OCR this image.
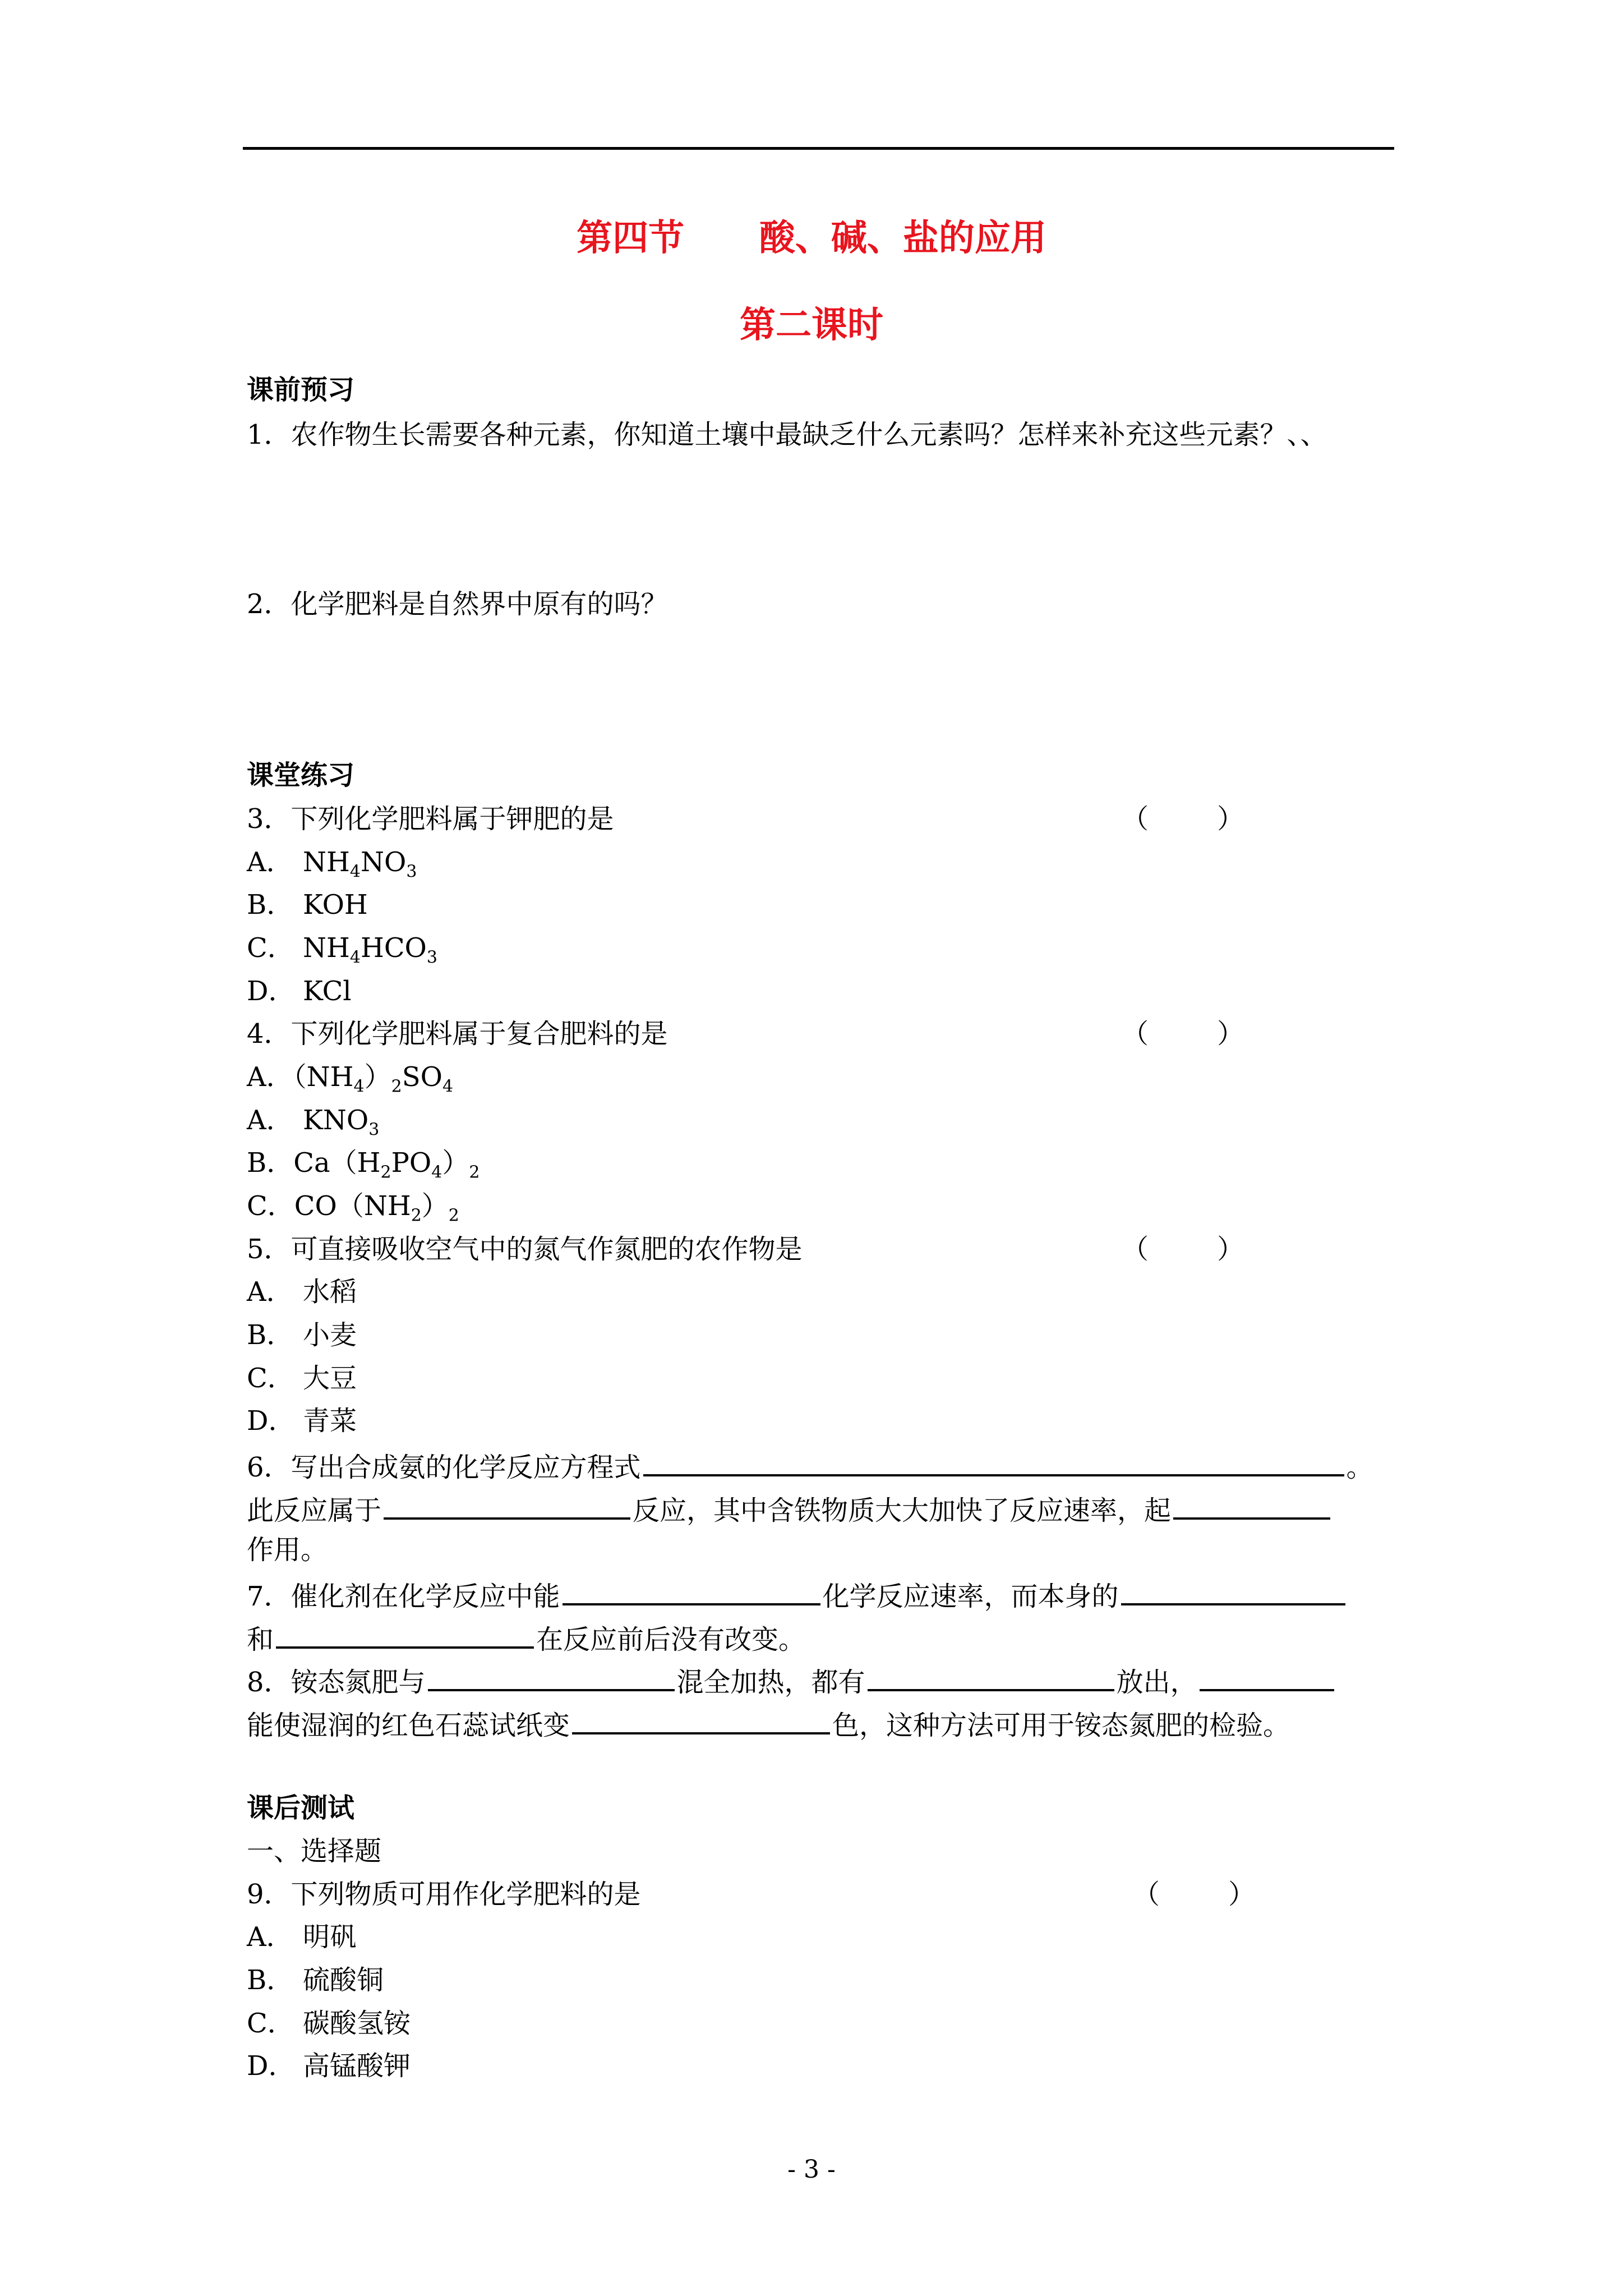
第四节      酸、碱、盐的应用
第二课时
课前预习
1．农作物生长需要各种元素，你知道土壤中最缺乏什么元素吗？怎样来补充这些元素？、、
2．化学肥料是自然界中原有的吗？
课堂练习
3．下列化学肥料属于钾肥的是	（        ）
A． $NH_4NO_3$
B． KOH
C． $NH_4HCO_3$
D． KCl
4．下列化学肥料属于复合肥料的是	（        ）
A．$(NH_4)_2SO_4$
A． $KNO_3$
B．$Ca(H_2PO_4)_2$
C．$CO(NH_2)_2$
5．可直接吸收空气中的氮气作氮肥的农作物是	（        ）
A． 水稻
B． 小麦
C． 大豆
D． 青菜
6．写出合成氨的化学反应方程式	。
此反应属于	反应，其中含铁物质大大加快了反应速率，起
作用。
7．催化剂在化学反应中能	化学反应速率，而本身的
和	在反应前后没有改变。
8．铵态氮肥与	混全加热，都有	放出，
能使湿润的红色石蕊试纸变	色，这种方法可用于铵态氮肥的检验。
课后测试
一、选择题
9．下列物质可用作化学肥料的是	（        ）
A． 明矾
B． 硫酸铜
C． 碳酸氢铵
D． 高锰酸钾
- 3 -
